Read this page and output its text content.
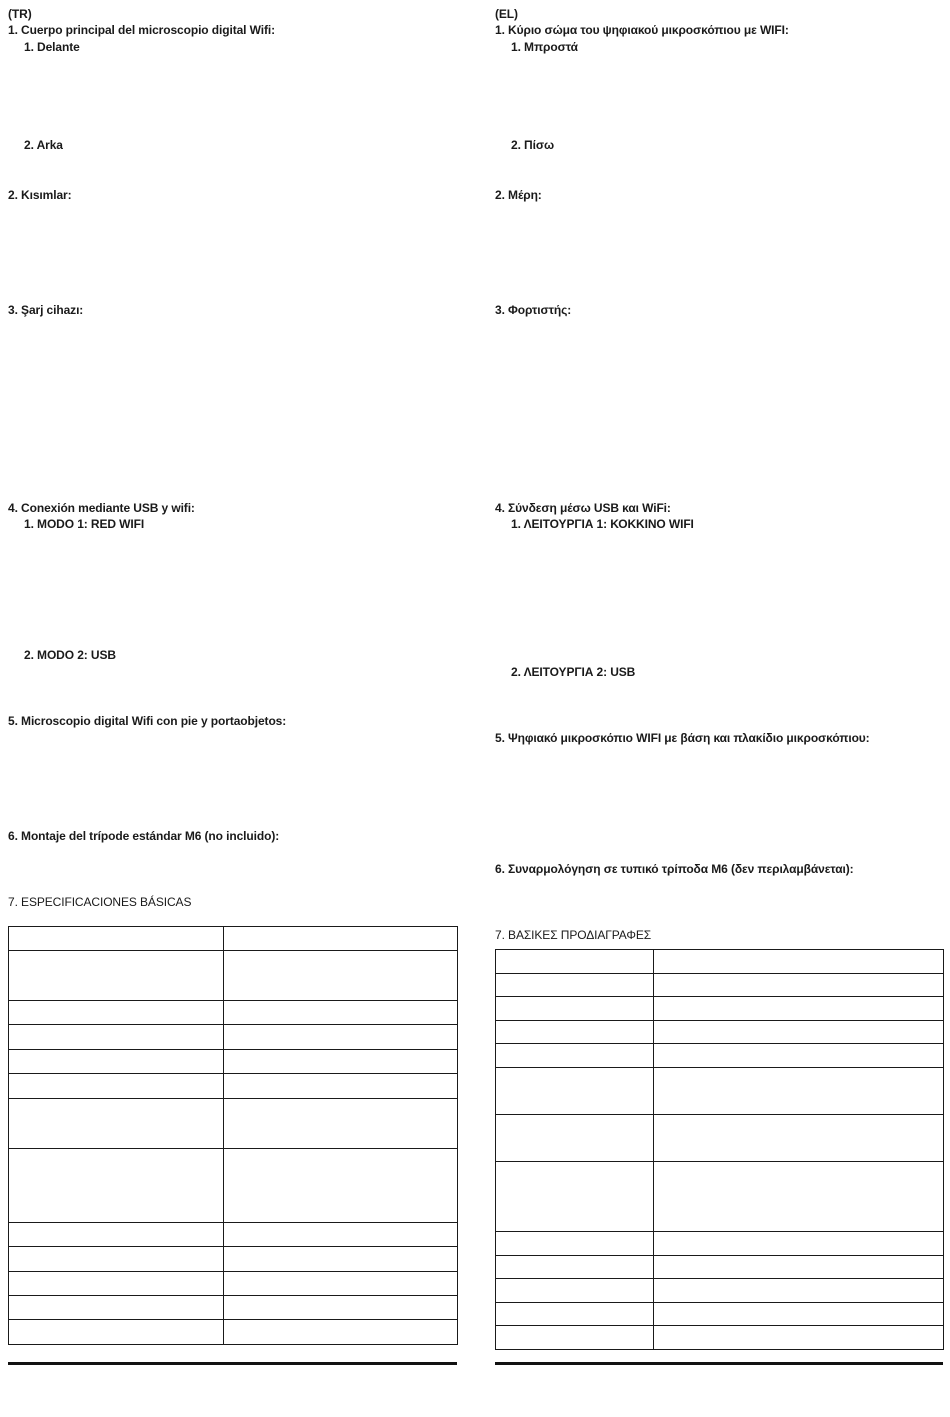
(TR)
1. Cuerpo principal del microscopio digital Wifi:
1. Delante
2. Arka
2. Kısımlar:
3. Şarj cihazı:
4. Conexión mediante USB y wifi:
1. MODO 1: RED WIFI
2. MODO 2: USB
5. Microscopio digital Wifi con pie y portaobjetos:
6. Montaje del trípode estándar M6 (no incluido):
7. ESPECIFICACIONES BÁSICAS

(EL)
1. Κύριο σώμα του ψηφιακού μικροσκόπιου με WIFI:
1. Μπροστά
2. Πίσω
2. Μέρη:
3. Φορτιστής:
4. Σύνδεση μέσω USB και WiFi:
1. ΛΕΙΤΟΥΡΓΙΑ 1: ΚΟΚΚΙΝΟ WIFI
2. ΛΕΙΤΟΥΡΓΙΑ 2: USB
5. Ψηφιακό μικροσκόπιο WIFI με βάση και πλακίδιο μικροσκόπιου:
6. Συναρμολόγηση σε τυπικό τρίποδα M6 (δεν περιλαμβάνεται):
7. ΒΑΣΙΚΕΣ ΠΡΟΔΙΑΓΡΑΦΕΣ
